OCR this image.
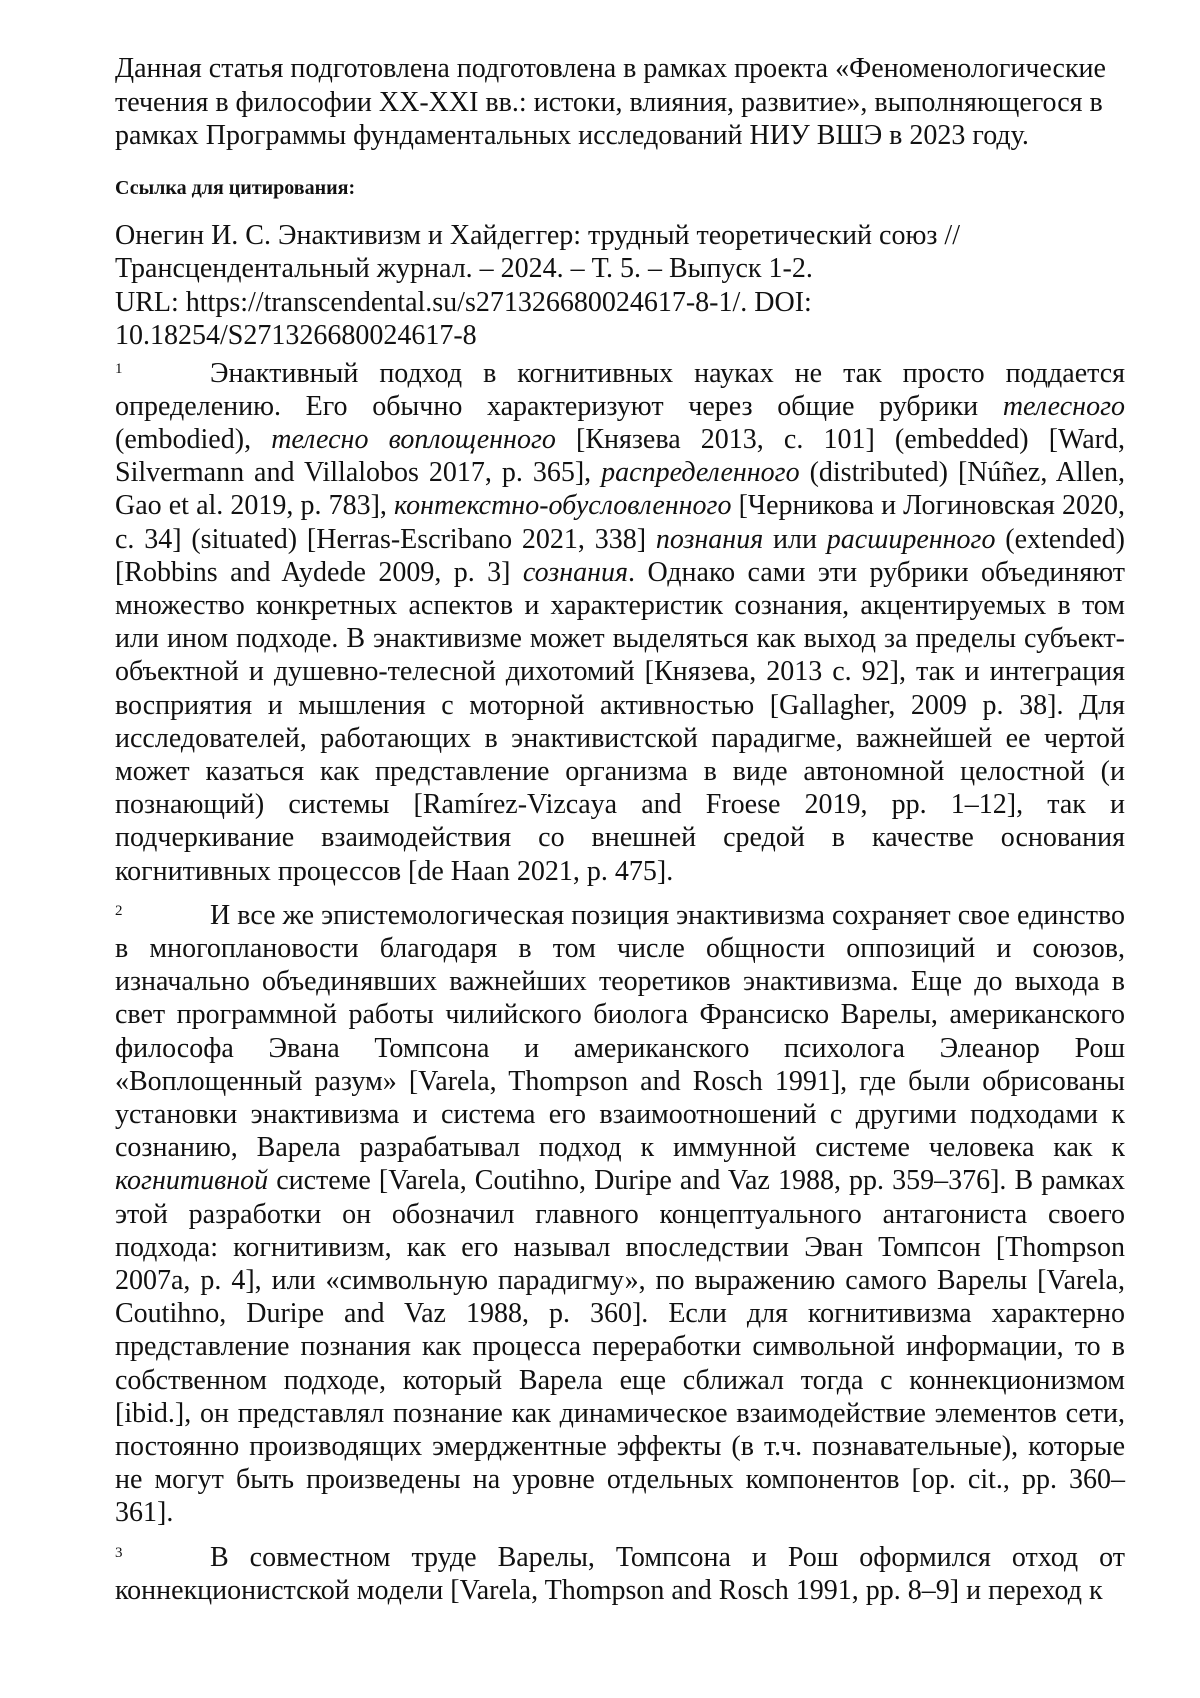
Данная статья подготовлена подготовлена в рамках проекта «Феноменологические течения в философии XX-XXI вв.: истоки, влияния, развитие», выполняющегося в рамках Программы фундаментальных исследований НИУ ВШЭ в 2023 году.

Ссылка для цитирования:
Онегин И. С. Энактивизм и Хайдеггер: трудный теоретический союз //
Трансцендентальный журнал. – 2024. – Т. 5. – Выпуск 1-2.
URL: https://transcendental.su/s271326680024617-8-1/. DOI:
10.18254/S271326680024617-8
1	Энактивный подход в когнитивных науках не так просто поддается определению. Его обычно характеризуют через общие рубрики телесного (embodied), телесно воплощенного [Князева 2013, с. 101] (embedded) [Ward, Silvermann and Villalobos 2017, p. 365], распределенного (distributed) [Núñez, Allen, Gao et al. 2019, p. 783], контекстно-обусловленного [Черникова и Логиновская 2020, с. 34] (situated) [Herras-Escribano 2021, 338] познания или расширенного (extended) [Robbins and Aydede 2009, p. 3] сознания. Однако сами эти рубрики объединяют множество конкретных аспектов и характеристик сознания, акцентируемых в том или ином подходе. В энактивизме может выделяться как выход за пределы субъект-объектной и душевно-телесной дихотомий [Князева, 2013 с. 92], так и интеграция восприятия и мышления с моторной активностью [Gallagher, 2009 p. 38]. Для исследователей, работающих в энактивистской парадигме, важнейшей ее чертой может казаться как представление организма в виде автономной целостной (и познающий) системы [Ramírez-Vizcaya and Froese 2019, pp. 1–12], так и подчеркивание взаимодействия со внешней средой в качестве основания когнитивных процессов [de Haan 2021, p. 475].
2	И все же эпистемологическая позиция энактивизма сохраняет свое единство в многоплановости благодаря в том числе общности оппозиций и союзов, изначально объединявших важнейших теоретиков энактивизма. Еще до выхода в свет программной работы чилийского биолога Франсиско Варелы, американского философа Эвана Томпсона и американского психолога Элеанор Рош «Воплощенный разум» [Varela, Thompson and Rosch 1991], где были обрисованы установки энактивизма и система его взаимоотношений с другими подходами к сознанию, Варела разрабатывал подход к иммунной системе человека как к когнитивной системе [Varela, Coutihno, Duripe and Vaz 1988, pp. 359–376]. В рамках этой разработки он обозначил главного концептуального антагониста своего подхода: когнитивизм, как его называл впоследствии Эван Томпсон [Thompson 2007a, p. 4], или «символьную парадигму», по выражению самого Варелы [Varela, Coutihno, Duripe and Vaz 1988, p. 360]. Если для когнитивизма характерно представление познания как процесса переработки символьной информации, то в собственном подходе, который Варела еще сближал тогда с коннекционизмом [ibid.], он представлял познание как динамическое взаимодействие элементов сети, постоянно производящих эмерджентные эффекты (в т.ч. познавательные), которые не могут быть произведены на уровне отдельных компонентов [op. cit., pp. 360–361].
3	В совместном труде Варелы, Томпсона и Рош оформился отход от коннекционистской модели [Varela, Thompson and Rosch 1991, pp. 8–9] и переход к
